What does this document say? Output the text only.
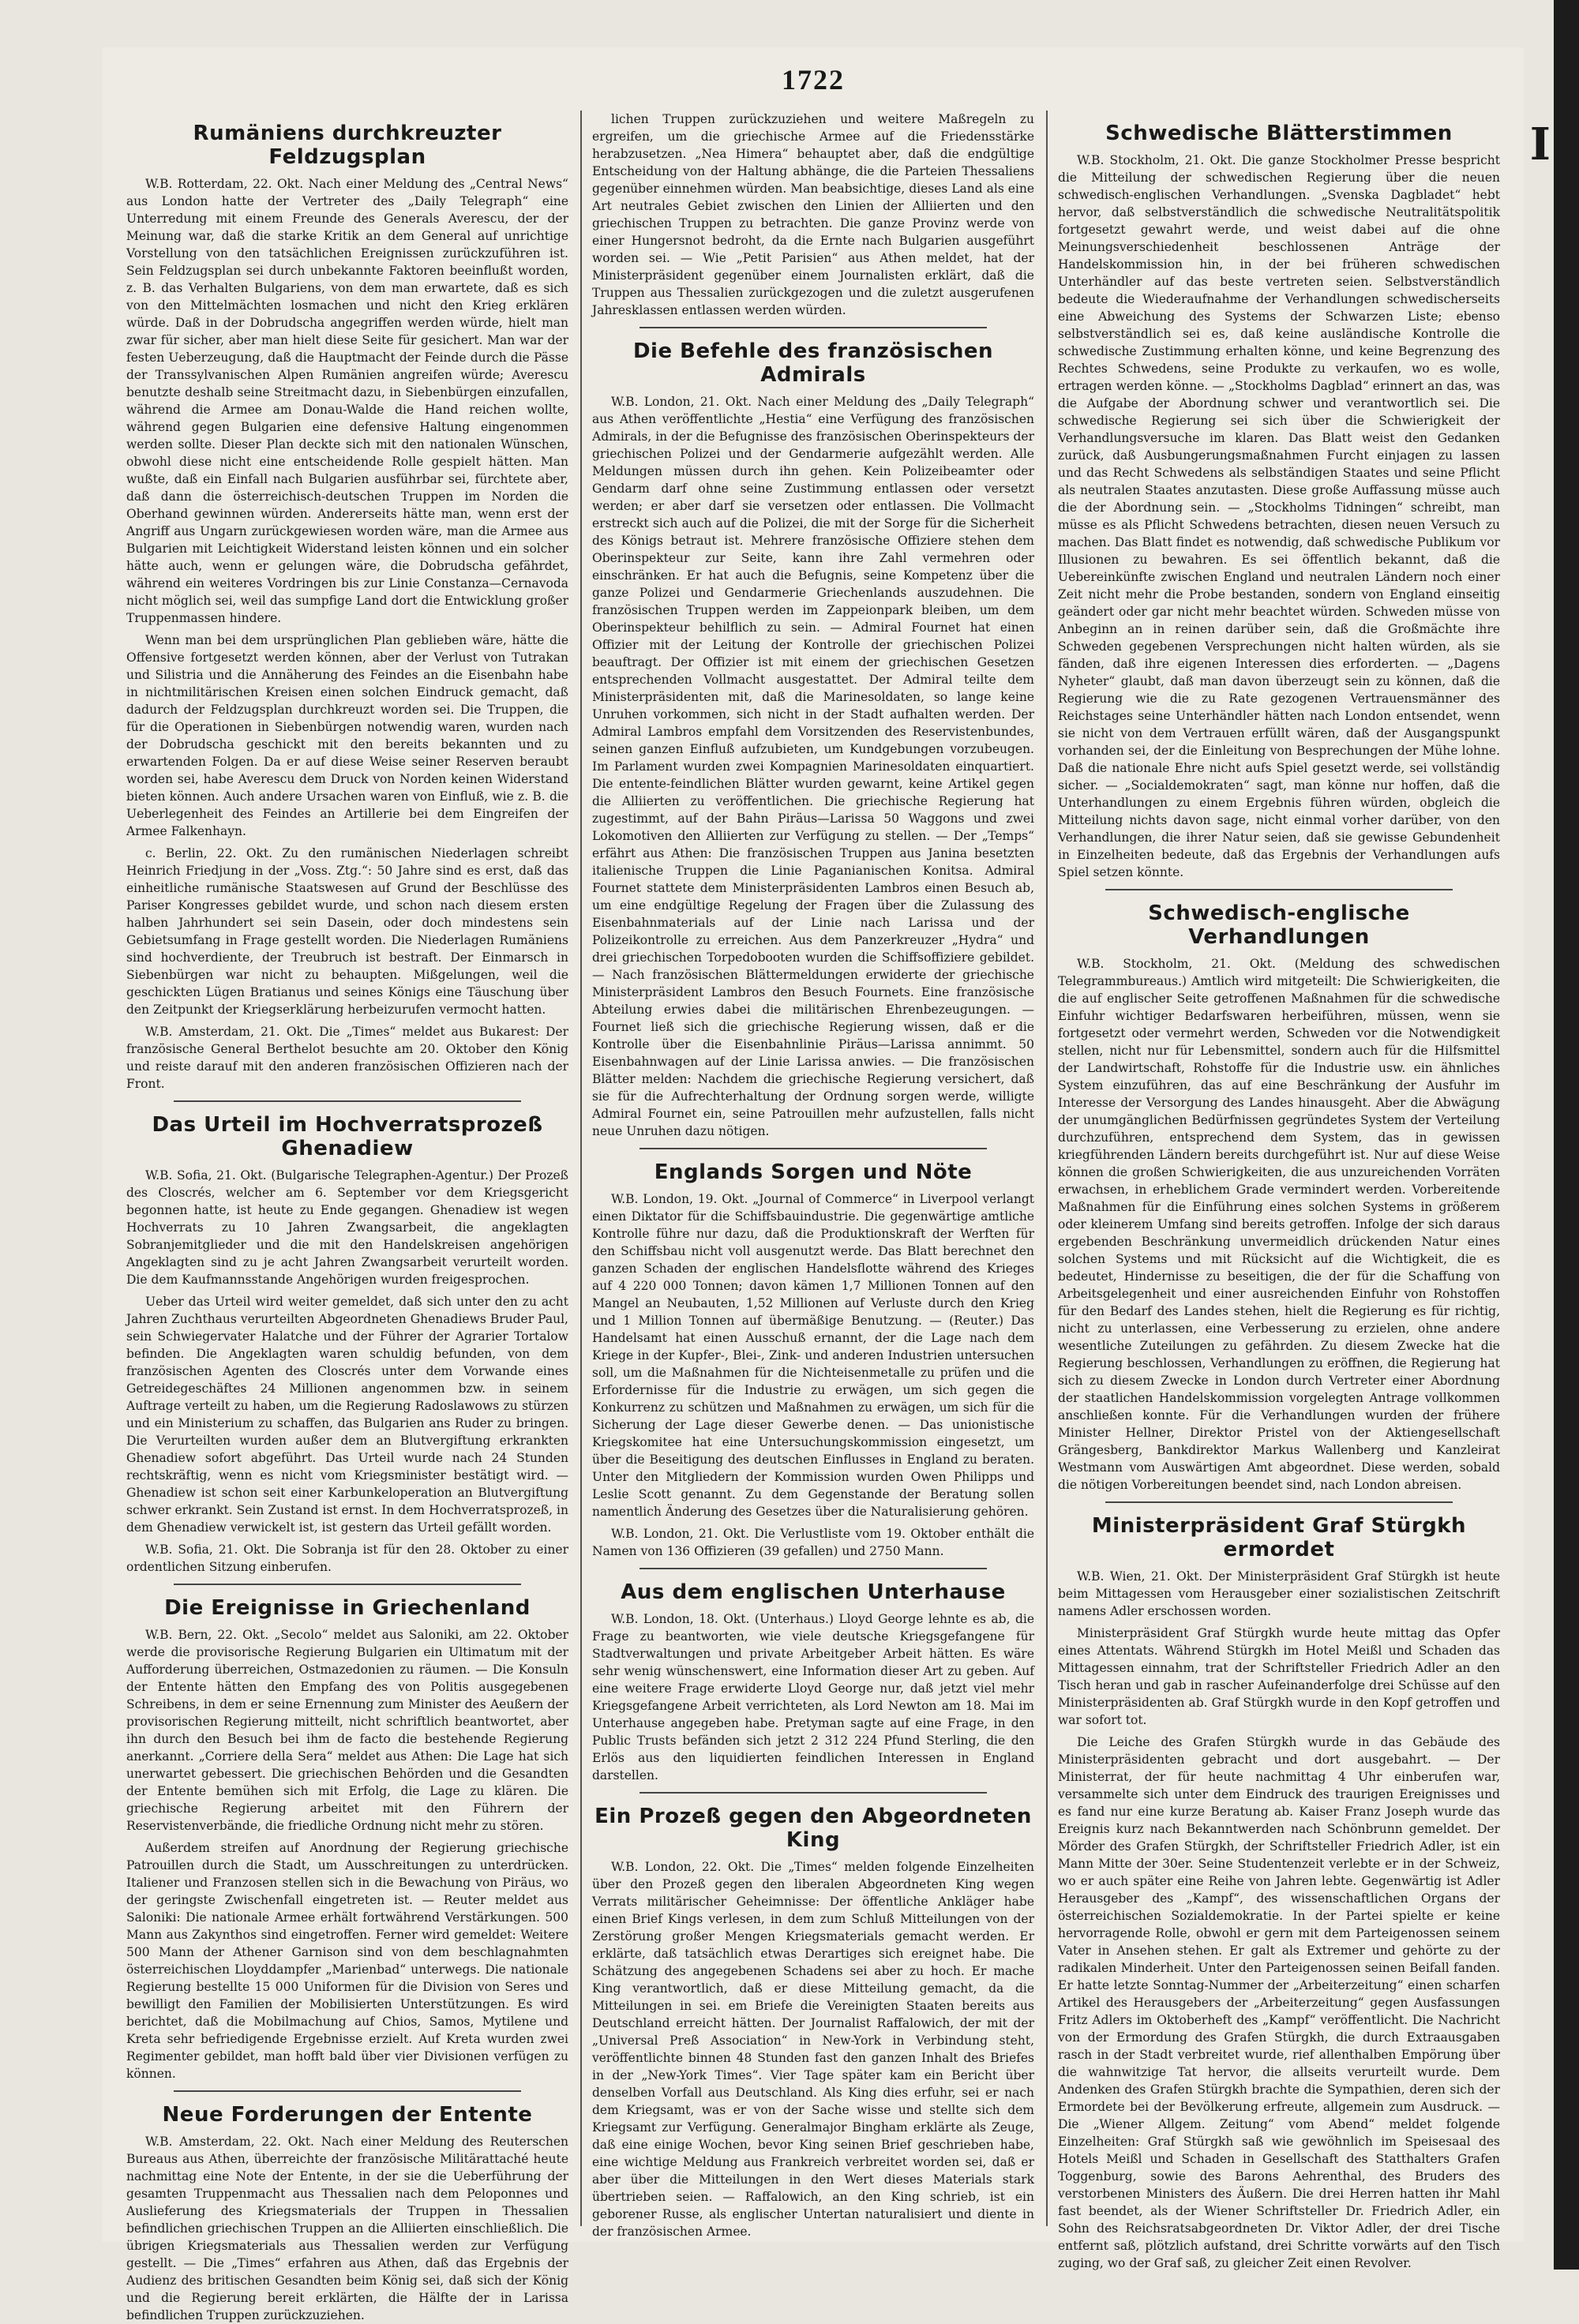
1722
Rumäniens durchkreuzter Feldzugsplan

W.B. Rotterdam, 22. Okt. Nach einer Meldung des „Central News“ aus London hatte der Vertreter des „Daily Telegraph“ eine Unterredung mit einem Freunde des Generals Averescu, der der Meinung war, daß die starke Kritik an dem General auf unrichtige Vorstellung von den tatsächlichen Ereignissen zurückzuführen ist. Sein Feldzugsplan sei durch unbekannte Faktoren beeinflußt worden, z. B. das Verhalten Bulgariens, von dem man erwartete, daß es sich von den Mittelmächten losmachen und nicht den Krieg erklären würde. Daß in der Dobrudscha angegriffen werden würde, hielt man zwar für sicher, aber man hielt diese Seite für gesichert. Man war der festen Ueberzeugung, daß die Hauptmacht der Feinde durch die Pässe der Transsylvanischen Alpen Rumänien angreifen würde; Averescu benutzte deshalb seine Streitmacht dazu, in Siebenbürgen einzufallen, während die Armee am Donau-Walde die Hand reichen wollte, während gegen Bulgarien eine defensive Haltung eingenommen werden sollte. Dieser Plan deckte sich mit den nationalen Wünschen, obwohl diese nicht eine entscheidende Rolle gespielt hätten. Man wußte, daß ein Einfall nach Bulgarien ausführbar sei, fürchtete aber, daß dann die österreichisch-deutschen Truppen im Norden die Oberhand gewinnen würden. Andererseits hätte man, wenn erst der Angriff aus Ungarn zurückgewiesen worden wäre, man die Armee aus Bulgarien mit Leichtigkeit Widerstand leisten können und ein solcher hätte auch, wenn er gelungen wäre, die Dobrudscha gefährdet, während ein weiteres Vordringen bis zur Linie Constanza—Cernavoda nicht möglich sei, weil das sumpfige Land dort die Entwicklung großer Truppenmassen hindere.

Wenn man bei dem ursprünglichen Plan geblieben wäre, hätte die Offensive fortgesetzt werden können, aber der Verlust von Tutrakan und Silistria und die Annäherung des Feindes an die Eisenbahn habe in nichtmilitärischen Kreisen einen solchen Eindruck gemacht, daß dadurch der Feldzugsplan durchkreuzt worden sei. Die Truppen, die für die Operationen in Siebenbürgen notwendig waren, wurden nach der Dobrudscha geschickt mit den bereits bekannten und zu erwartenden Folgen. Da er auf diese Weise seiner Reserven beraubt worden sei, habe Averescu dem Druck von Norden keinen Widerstand bieten können. Auch andere Ursachen waren von Einfluß, wie z. B. die Ueberlegenheit des Feindes an Artillerie bei dem Eingreifen der Armee Falkenhayn.

c. Berlin, 22. Okt. Zu den rumänischen Niederlagen schreibt Heinrich Friedjung in der „Voss. Ztg.“: 50 Jahre sind es erst, daß das einheitliche rumänische Staatswesen auf Grund der Beschlüsse des Pariser Kongresses gebildet wurde, und schon nach diesem ersten halben Jahrhundert sei sein Dasein, oder doch mindestens sein Gebietsumfang in Frage gestellt worden. Die Niederlagen Rumäniens sind hochverdiente, der Treubruch ist bestraft. Der Einmarsch in Siebenbürgen war nicht zu behaupten. Mißgelungen, weil die geschickten Lügen Bratianus und seines Königs eine Täuschung über den Zeitpunkt der Kriegserklärung herbeizurufen vermocht hatten.

W.B. Amsterdam, 21. Okt. Die „Times“ meldet aus Bukarest: Der französische General Berthelot besuchte am 20. Oktober den König und reiste darauf mit den anderen französischen Offizieren nach der Front.

Das Urteil im Hochverratsprozeß Ghenadiew

W.B. Sofia, 21. Okt. (Bulgarische Telegraphen-Agentur.) Der Prozeß des Closcrés, welcher am 6. September vor dem Kriegsgericht begonnen hatte, ist heute zu Ende gegangen. Ghenadiew ist wegen Hochverrats zu 10 Jahren Zwangsarbeit, die angeklagten Sobranjemitglieder und die mit den Handelskreisen angehörigen Angeklagten sind zu je acht Jahren Zwangsarbeit verurteilt worden. Die dem Kaufmannsstande Angehörigen wurden freigesprochen.

Ueber das Urteil wird weiter gemeldet, daß sich unter den zu acht Jahren Zuchthaus verurteilten Abgeordneten Ghenadiews Bruder Paul, sein Schwiegervater Halatche und der Führer der Agrarier Tortalow befinden. Die Angeklagten waren schuldig befunden, von dem französischen Agenten des Closcrés unter dem Vorwande eines Getreidegeschäftes 24 Millionen angenommen bzw. in seinem Auftrage verteilt zu haben, um die Regierung Radoslawows zu stürzen und ein Ministerium zu schaffen, das Bulgarien ans Ruder zu bringen. Die Verurteilten wurden außer dem an Blutvergiftung erkrankten Ghenadiew sofort abgeführt. Das Urteil wurde nach 24 Stunden rechtskräftig, wenn es nicht vom Kriegsminister bestätigt wird. — Ghenadiew ist schon seit einer Karbunkeloperation an Blutvergiftung schwer erkrankt. Sein Zustand ist ernst. In dem Hochverratsprozeß, in dem Ghenadiew verwickelt ist, ist gestern das Urteil gefällt worden.

W.B. Sofia, 21. Okt. Die Sobranja ist für den 28. Oktober zu einer ordentlichen Sitzung einberufen.

Die Ereignisse in Griechenland

W.B. Bern, 22. Okt. „Secolo“ meldet aus Saloniki, am 22. Oktober werde die provisorische Regierung Bulgarien ein Ultimatum mit der Aufforderung überreichen, Ostmazedonien zu räumen. — Die Konsuln der Entente hätten den Empfang des von Politis ausgegebenen Schreibens, in dem er seine Ernennung zum Minister des Aeußern der provisorischen Regierung mitteilt, nicht schriftlich beantwortet, aber ihn durch den Besuch bei ihm de facto die bestehende Regierung anerkannt. „Corriere della Sera“ meldet aus Athen: Die Lage hat sich unerwartet gebessert. Die griechischen Behörden und die Gesandten der Entente bemühen sich mit Erfolg, die Lage zu klären. Die griechische Regierung arbeitet mit den Führern der Reservistenverbände, die friedliche Ordnung nicht mehr zu stören.

Außerdem streifen auf Anordnung der Regierung griechische Patrouillen durch die Stadt, um Ausschreitungen zu unterdrücken. Italiener und Franzosen stellen sich in die Bewachung von Piräus, wo der geringste Zwischenfall eingetreten ist. — Reuter meldet aus Saloniki: Die nationale Armee erhält fortwährend Verstärkungen. 500 Mann aus Zakynthos sind eingetroffen. Ferner wird gemeldet: Weitere 500 Mann der Athener Garnison sind von dem beschlagnahmten österreichischen Lloyddampfer „Marienbad“ unterwegs. Die nationale Regierung bestellte 15 000 Uniformen für die Division von Seres und bewilligt den Familien der Mobilisierten Unterstützungen. Es wird berichtet, daß die Mobilmachung auf Chios, Samos, Mytilene und Kreta sehr befriedigende Ergebnisse erzielt. Auf Kreta wurden zwei Regimenter gebildet, man hofft bald über vier Divisionen verfügen zu können.

Neue Forderungen der Entente

W.B. Amsterdam, 22. Okt. Nach einer Meldung des Reuterschen Bureaus aus Athen, überreichte der französische Militärattaché heute nachmittag eine Note der Entente, in der sie die Ueberführung der gesamten Truppenmacht aus Thessalien nach dem Peloponnes und Auslieferung des Kriegsmaterials der Truppen in Thessalien befindlichen griechischen Truppen an die Alliierten einschließlich. Die übrigen Kriegsmaterials aus Thessalien werden zur Verfügung gestellt. — Die „Times“ erfahren aus Athen, daß das Ergebnis der Audienz des britischen Gesandten beim König sei, daß sich der König und die Regierung bereit erklärten, die Hälfte der in Larissa befindlichen Truppen zurückzuziehen.

lichen Truppen zurückzuziehen und weitere Maßregeln zu ergreifen, um die griechische Armee auf die Friedensstärke herabzusetzen. „Nea Himera“ behauptet aber, daß die endgültige Entscheidung von der Haltung abhänge, die die Parteien Thessaliens gegenüber einnehmen würden. Man beabsichtige, dieses Land als eine Art neutrales Gebiet zwischen den Linien der Alliierten und den griechischen Truppen zu betrachten. Die ganze Provinz werde von einer Hungersnot bedroht, da die Ernte nach Bulgarien ausgeführt worden sei. — Wie „Petit Parisien“ aus Athen meldet, hat der Ministerpräsident gegenüber einem Journalisten erklärt, daß die Truppen aus Thessalien zurückgezogen und die zuletzt ausgerufenen Jahresklassen entlassen werden würden.

Die Befehle des französischen Admirals

W.B. London, 21. Okt. Nach einer Meldung des „Daily Telegraph“ aus Athen veröffentlichte „Hestia“ eine Verfügung des französischen Admirals, in der die Befugnisse des französischen Oberinspekteurs der griechischen Polizei und der Gendarmerie aufgezählt werden. Alle Meldungen müssen durch ihn gehen. Kein Polizeibeamter oder Gendarm darf ohne seine Zustimmung entlassen oder versetzt werden; er aber darf sie versetzen oder entlassen. Die Vollmacht erstreckt sich auch auf die Polizei, die mit der Sorge für die Sicherheit des Königs betraut ist. Mehrere französische Offiziere stehen dem Oberinspekteur zur Seite, kann ihre Zahl vermehren oder einschränken. Er hat auch die Befugnis, seine Kompetenz über die ganze Polizei und Gendarmerie Griechenlands auszudehnen. Die französischen Truppen werden im Zappeionpark bleiben, um dem Oberinspekteur behilflich zu sein. — Admiral Fournet hat einen Offizier mit der Leitung der Kontrolle der griechischen Polizei beauftragt. Der Offizier ist mit einem der griechischen Gesetzen entsprechenden Vollmacht ausgestattet. Der Admiral teilte dem Ministerpräsidenten mit, daß die Marinesoldaten, so lange keine Unruhen vorkommen, sich nicht in der Stadt aufhalten werden. Der Admiral Lambros empfahl dem Vorsitzenden des Reservistenbundes, seinen ganzen Einfluß aufzubieten, um Kundgebungen vorzubeugen. Im Parlament wurden zwei Kompagnien Marinesoldaten einquartiert. Die entente-feindlichen Blätter wurden gewarnt, keine Artikel gegen die Alliierten zu veröffentlichen. Die griechische Regierung hat zugestimmt, auf der Bahn Piräus—Larissa 50 Waggons und zwei Lokomotiven den Alliierten zur Verfügung zu stellen. — Der „Temps“ erfährt aus Athen: Die französischen Truppen aus Janina besetzten italienische Truppen die Linie Paganianischen Konitsa. Admiral Fournet stattete dem Ministerpräsidenten Lambros einen Besuch ab, um eine endgültige Regelung der Fragen über die Zulassung des Eisenbahnmaterials auf der Linie nach Larissa und der Polizeikontrolle zu erreichen. Aus dem Panzerkreuzer „Hydra“ und drei griechischen Torpedobooten wurden die Schiffsoffiziere gebildet. — Nach französischen Blättermeldungen erwiderte der griechische Ministerpräsident Lambros den Besuch Fournets. Eine französische Abteilung erwies dabei die militärischen Ehrenbezeugungen. — Fournet ließ sich die griechische Regierung wissen, daß er die Kontrolle über die Eisenbahnlinie Piräus—Larissa annimmt. 50 Eisenbahnwagen auf der Linie Larissa anwies. — Die französischen Blätter melden: Nachdem die griechische Regierung versichert, daß sie für die Aufrechterhaltung der Ordnung sorgen werde, willigte Admiral Fournet ein, seine Patrouillen mehr aufzustellen, falls nicht neue Unruhen dazu nötigen.

Englands Sorgen und Nöte

W.B. London, 19. Okt. „Journal of Commerce“ in Liverpool verlangt einen Diktator für die Schiffsbauindustrie. Die gegenwärtige amtliche Kontrolle führe nur dazu, daß die Produktionskraft der Werften für den Schiffsbau nicht voll ausgenutzt werde. Das Blatt berechnet den ganzen Schaden der englischen Handelsflotte während des Krieges auf 4 220 000 Tonnen; davon kämen 1,7 Millionen Tonnen auf den Mangel an Neubauten, 1,52 Millionen auf Verluste durch den Krieg und 1 Million Tonnen auf übermäßige Benutzung. — (Reuter.) Das Handelsamt hat einen Ausschuß ernannt, der die Lage nach dem Kriege in der Kupfer-, Blei-, Zink- und anderen Industrien untersuchen soll, um die Maßnahmen für die Nichteisenmetalle zu prüfen und die Erfordernisse für die Industrie zu erwägen, um sich gegen die Konkurrenz zu schützen und Maßnahmen zu erwägen, um sich für die Sicherung der Lage dieser Gewerbe denen. — Das unionistische Kriegskomitee hat eine Untersuchungskommission eingesetzt, um über die Beseitigung des deutschen Einflusses in England zu beraten. Unter den Mitgliedern der Kommission wurden Owen Philipps und Leslie Scott genannt. Zu dem Gegenstande der Beratung sollen namentlich Änderung des Gesetzes über die Naturalisierung gehören.

W.B. London, 21. Okt. Die Verlustliste vom 19. Oktober enthält die Namen von 136 Offizieren (39 gefallen) und 2750 Mann.

Aus dem englischen Unterhause

W.B. London, 18. Okt. (Unterhaus.) Lloyd George lehnte es ab, die Frage zu beantworten, wie viele deutsche Kriegsgefangene für Stadtverwaltungen und private Arbeitgeber Arbeit hätten. Es wäre sehr wenig wünschenswert, eine Information dieser Art zu geben. Auf eine weitere Frage erwiderte Lloyd George nur, daß jetzt viel mehr Kriegsgefangene Arbeit verrichteten, als Lord Newton am 18. Mai im Unterhause angegeben habe. Pretyman sagte auf eine Frage, in den Public Trusts befänden sich jetzt 2 312 224 Pfund Sterling, die den Erlös aus den liquidierten feindlichen Interessen in England darstellen.

Ein Prozeß gegen den Abgeordneten King

W.B. London, 22. Okt. Die „Times“ melden folgende Einzelheiten über den Prozeß gegen den liberalen Abgeordneten King wegen Verrats militärischer Geheimnisse: Der öffentliche Ankläger habe einen Brief Kings verlesen, in dem zum Schluß Mitteilungen von der Zerstörung großer Mengen Kriegsmaterials gemacht werden. Er erklärte, daß tatsächlich etwas Derartiges sich ereignet habe. Die Schätzung des angegebenen Schadens sei aber zu hoch. Er mache King verantwortlich, daß er diese Mitteilung gemacht, da die Mitteilungen in sei. em Briefe die Vereinigten Staaten bereits aus Deutschland erreicht hätten. Der Journalist Raffalowich, der mit der „Universal Preß Association“ in New-York in Verbindung steht, veröffentlichte binnen 48 Stunden fast den ganzen Inhalt des Briefes in der „New-York Times“. Vier Tage später kam ein Bericht über denselben Vorfall aus Deutschland. Als King dies erfuhr, sei er nach dem Kriegsamt, was er von der Sache wisse und stellte sich dem Kriegsamt zur Verfügung. Generalmajor Bingham erklärte als Zeuge, daß eine einige Wochen, bevor King seinen Brief geschrieben habe, eine wichtige Meldung aus Frankreich verbreitet worden sei, daß er aber über die Mitteilungen in den Wert dieses Materials stark übertrieben seien. — Raffalowich, an den King schrieb, ist ein geborener Russe, als englischer Untertan naturalisiert und diente in der französischen Armee.

Schwedische Blätterstimmen

W.B. Stockholm, 21. Okt. Die ganze Stockholmer Presse bespricht die Mitteilung der schwedischen Regierung über die neuen schwedisch-englischen Verhandlungen. „Svenska Dagbladet“ hebt hervor, daß selbstverständlich die schwedische Neutralitätspolitik fortgesetzt gewahrt werde, und weist dabei auf die ohne Meinungsverschiedenheit beschlossenen Anträge der Handelskommission hin, in der bei früheren schwedischen Unterhändler auf das beste vertreten seien. Selbstverständlich bedeute die Wiederaufnahme der Verhandlungen schwedischerseits eine Abweichung des Systems der Schwarzen Liste; ebenso selbstverständlich sei es, daß keine ausländische Kontrolle die schwedische Zustimmung erhalten könne, und keine Begrenzung des Rechtes Schwedens, seine Produkte zu verkaufen, wo es wolle, ertragen werden könne. — „Stockholms Dagblad“ erinnert an das, was die Aufgabe der Abordnung schwer und verantwortlich sei. Die schwedische Regierung sei sich über die Schwierigkeit der Verhandlungsversuche im klaren. Das Blatt weist den Gedanken zurück, daß Ausbungerungsmaßnahmen Furcht einjagen zu lassen und das Recht Schwedens als selbständigen Staates und seine Pflicht als neutralen Staates anzutasten. Diese große Auffassung müsse auch die der Abordnung sein. — „Stockholms Tidningen“ schreibt, man müsse es als Pflicht Schwedens betrachten, diesen neuen Versuch zu machen. Das Blatt findet es notwendig, daß schwedische Publikum vor Illusionen zu bewahren. Es sei öffentlich bekannt, daß die Uebereinkünfte zwischen England und neutralen Ländern noch einer Zeit nicht mehr die Probe bestanden, sondern von England einseitig geändert oder gar nicht mehr beachtet würden. Schweden müsse von Anbeginn an in reinen darüber sein, daß die Großmächte ihre Schweden gegebenen Versprechungen nicht halten würden, als sie fänden, daß ihre eigenen Interessen dies erforderten. — „Dagens Nyheter“ glaubt, daß man davon überzeugt sein zu können, daß die Regierung wie die zu Rate gezogenen Vertrauensmänner des Reichstages seine Unterhändler hätten nach London entsendet, wenn sie nicht von dem Vertrauen erfüllt wären, daß der Ausgangspunkt vorhanden sei, der die Einleitung von Besprechungen der Mühe lohne. Daß die nationale Ehre nicht aufs Spiel gesetzt werde, sei vollständig sicher. — „Socialdemokraten“ sagt, man könne nur hoffen, daß die Unterhandlungen zu einem Ergebnis führen würden, obgleich die Mitteilung nichts davon sage, nicht einmal vorher darüber, von den Verhandlungen, die ihrer Natur seien, daß sie gewisse Gebundenheit in Einzelheiten bedeute, daß das Ergebnis der Verhandlungen aufs Spiel setzen könnte.

Schwedisch-englische Verhandlungen

W.B. Stockholm, 21. Okt. (Meldung des schwedischen Telegrammbureaus.) Amtlich wird mitgeteilt: Die Schwierigkeiten, die die auf englischer Seite getroffenen Maßnahmen für die schwedische Einfuhr wichtiger Bedarfswaren herbeiführen, müssen, wenn sie fortgesetzt oder vermehrt werden, Schweden vor die Notwendigkeit stellen, nicht nur für Lebensmittel, sondern auch für die Hilfsmittel der Landwirtschaft, Rohstoffe für die Industrie usw. ein ähnliches System einzuführen, das auf eine Beschränkung der Ausfuhr im Interesse der Versorgung des Landes hinausgeht. Aber die Abwägung der unumgänglichen Bedürfnissen gegründetes System der Verteilung durchzuführen, entsprechend dem System, das in gewissen kriegführenden Ländern bereits durchgeführt ist. Nur auf diese Weise können die großen Schwierigkeiten, die aus unzureichenden Vorräten erwachsen, in erheblichem Grade vermindert werden. Vorbereitende Maßnahmen für die Einführung eines solchen Systems in größerem oder kleinerem Umfang sind bereits getroffen. Infolge der sich daraus ergebenden Beschränkung unvermeidlich drückenden Natur eines solchen Systems und mit Rücksicht auf die Wichtigkeit, die es bedeutet, Hindernisse zu beseitigen, die der für die Schaffung von Arbeitsgelegenheit und einer ausreichenden Einfuhr von Rohstoffen für den Bedarf des Landes stehen, hielt die Regierung es für richtig, nicht zu unterlassen, eine Verbesserung zu erzielen, ohne andere wesentliche Zuteilungen zu gefährden. Zu diesem Zwecke hat die Regierung beschlossen, Verhandlungen zu eröffnen, die Regierung hat sich zu diesem Zwecke in London durch Vertreter einer Abordnung der staatlichen Handelskommission vorgelegten Antrage vollkommen anschließen konnte. Für die Verhandlungen wurden der frühere Minister Hellner, Direktor Pristel von der Aktiengesellschaft Grängesberg, Bankdirektor Markus Wallenberg und Kanzleirat Westmann vom Auswärtigen Amt abgeordnet. Diese werden, sobald die nötigen Vorbereitungen beendet sind, nach London abreisen.

Ministerpräsident Graf Stürgkh ermordet

W.B. Wien, 21. Okt. Der Ministerpräsident Graf Stürgkh ist heute beim Mittagessen vom Herausgeber einer sozialistischen Zeitschrift namens Adler erschossen worden.

Ministerpräsident Graf Stürgkh wurde heute mittag das Opfer eines Attentats. Während Stürgkh im Hotel Meißl und Schaden das Mittagessen einnahm, trat der Schriftsteller Friedrich Adler an den Tisch heran und gab in rascher Aufeinanderfolge drei Schüsse auf den Ministerpräsidenten ab. Graf Stürgkh wurde in den Kopf getroffen und war sofort tot.

Die Leiche des Grafen Stürgkh wurde in das Gebäude des Ministerpräsidenten gebracht und dort ausgebahrt. — Der Ministerrat, der für heute nachmittag 4 Uhr einberufen war, versammelte sich unter dem Eindruck des traurigen Ereignisses und es fand nur eine kurze Beratung ab. Kaiser Franz Joseph wurde das Ereignis kurz nach Bekanntwerden nach Schönbrunn gemeldet. Der Mörder des Grafen Stürgkh, der Schriftsteller Friedrich Adler, ist ein Mann Mitte der 30er. Seine Studentenzeit verlebte er in der Schweiz, wo er auch später eine Reihe von Jahren lebte. Gegenwärtig ist Adler Herausgeber des „Kampf“, des wissenschaftlichen Organs der österreichischen Sozialdemokratie. In der Partei spielte er keine hervorragende Rolle, obwohl er gern mit dem Parteigenossen seinem Vater in Ansehen stehen. Er galt als Extremer und gehörte zu der radikalen Minderheit. Unter den Parteigenossen seinen Beifall fanden. Er hatte letzte Sonntag-Nummer der „Arbeiterzeitung“ einen scharfen Artikel des Herausgebers der „Arbeiterzeitung“ gegen Ausfassungen Fritz Adlers im Oktoberheft des „Kampf“ veröffentlicht. Die Nachricht von der Ermordung des Grafen Stürgkh, die durch Extraausgaben rasch in der Stadt verbreitet wurde, rief allenthalben Empörung über die wahnwitzige Tat hervor, die allseits verurteilt wurde. Dem Andenken des Grafen Stürgkh brachte die Sympathien, deren sich der Ermordete bei der Bevölkerung erfreute, allgemein zum Ausdruck. — Die „Wiener Allgem. Zeitung“ vom Abend“ meldet folgende Einzelheiten: Graf Stürgkh saß wie gewöhnlich im Speisesaal des Hotels Meißl und Schaden in Gesellschaft des Statthalters Grafen Toggenburg, sowie des Barons Aehrenthal, des Bruders des verstorbenen Ministers des Äußern. Die drei Herren hatten ihr Mahl fast beendet, als der Wiener Schriftsteller Dr. Friedrich Adler, ein Sohn des Reichsratsabgeordneten Dr. Viktor Adler, der drei Tische entfernt saß, plötzlich aufstand, drei Schritte vorwärts auf den Tisch zuging, wo der Graf saß, zu gleicher Zeit einen Revolver.

I
